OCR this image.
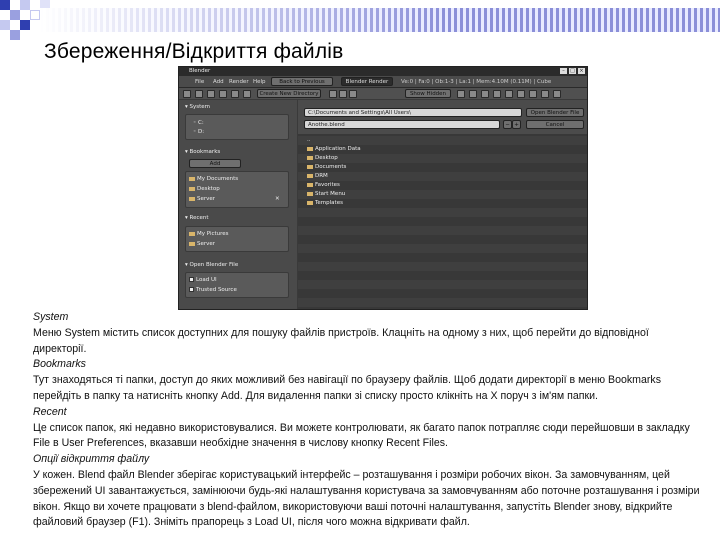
Збереження/Відкриття файлів
Blender	–	□ ×
File Add Render Help	Back to Previous	Blender Render	Ve:0 | Fa:0 | Ob:1-3 | La:1 | Mem:4.10M (0.11M) | Cube
Create New Directory	Show Hidden
▾ System
◦ C:
◦ D:
▾ Bookmarks
Add
My Documents
Desktop
Server	✕
▾ Recent
My Pictures
Server
▾ Open Blender File
Load UI
Trusted Source
C:\Documents and Settings\All Users\	Open Blender File
Anothe.blend	− +	Cancel
..
Application Data
Desktop
Documents
DRM
Favorites
Start Menu
Templates
System
Меню System містить список доступних для пошуку файлів пристроїв. Клацніть на одному з них, щоб перейти до відповідної директорії.
Bookmarks
Тут знаходяться ті папки, доступ до яких можливий без навігації по браузеру файлів. Щоб додати директорії в меню Bookmarks перейдіть в папку та натисніть кнопку Add. Для видалення папки зі списку просто клікніть на Х поруч з ім'ям папки.
Recent
Це список папок, які недавно використовувалися. Ви можете контролювати, як багато папок потрапляє сюди перейшовши в закладку File в User Preferences, вказавши необхідне значення в числову кнопку Recent Files.
Опції відкриття файлу
У кожен. Blend файл Blender зберігає користувацький інтерфейс – розташування і розміри робочих вікон. За замовчуванням, цей збережений UI завантажується, замінюючи будь-які налаштування користувача за замовчуванням або поточне розташування і розміри вікон. Якщо ви хочете працювати з blend-файлом, використовуючи ваші поточні налаштування, запустіть Blender знову, відкрийте файловий браузер (F1). Зніміть прапорець з Load UI, після чого можна відкривати файл.
